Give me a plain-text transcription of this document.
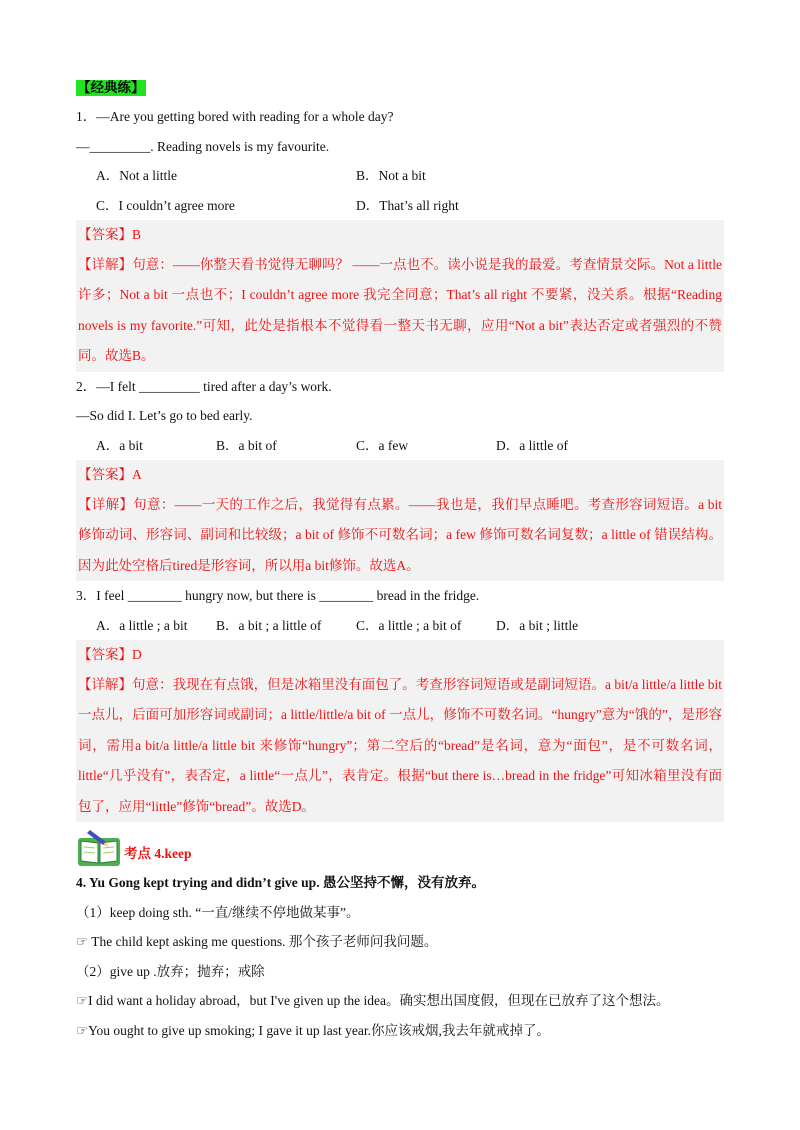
【经典练】
1．—Are you getting bored with reading for a whole day?
—_________. Reading novels is my favourite.
A．Not a little	B．Not a bit
C．I couldn’t agree more	D．That’s all right
【答案】B
【详解】句意：——你整天看书觉得无聊吗？ ——一点也不。读小说是我的最爱。考查情景交际。Not a little 许多；Not a bit 一点也不；I couldn’t agree more 我完全同意；That’s all right 不要紧，没关系。根据“Reading novels is my favorite.”可知，此处是指根本不觉得看一整天书无聊，应用“Not a bit”表达否定或者强烈的不赞同。故选B。
2．—I felt _________ tired after a day’s work.
—So did I. Let’s go to bed early.
A．a bit	B．a bit of	C．a few	D．a little of
【答案】A
【详解】句意：——一天的工作之后，我觉得有点累。——我也是，我们早点睡吧。考查形容词短语。a bit 修饰动词、形容词、副词和比较级；a bit of 修饰不可数名词；a few 修饰可数名词复数；a little of 错误结构。因为此处空格后tired是形容词，所以用a bit修饰。故选A。
3．I feel ________ hungry now, but there is ________ bread in the fridge.
A．a little ; a bit	B．a bit ; a little of	C．a little ; a bit of	D．a bit ; little
【答案】D
【详解】句意：我现在有点饿，但是冰箱里没有面包了。考查形容词短语或是副词短语。a bit/a little/a little bit 一点儿，后面可加形容词或副词；a little/little/a bit of 一点儿，修饰不可数名词。“hungry”意为“饿的”，是形容词，需用a bit/a little/a little bit 来修饰“hungry”；第二空后的“bread”是名词，意为“面包”，是不可数名词，little“几乎没有”，表否定，a little“一点儿”，表肯定。根据“but there is…bread in the fridge”可知冰箱里没有面包了，应用“little”修饰“bread”。故选D。
考点 4.keep
4. Yu Gong kept trying and didn’t give up. 愚公坚持不懈，没有放弃。
（1）keep doing sth. “一直/继续不停地做某事”。
☞ The child kept asking me questions. 那个孩子老师问我问题。
（2）give up .放弃；抛弃；戒除
☞I did want a holiday abroad，but I've given up the idea。确实想出国度假，但现在已放弃了这个想法。
☞You ought to give up smoking; I gave it up last year.你应该戒烟,我去年就戒掉了。
